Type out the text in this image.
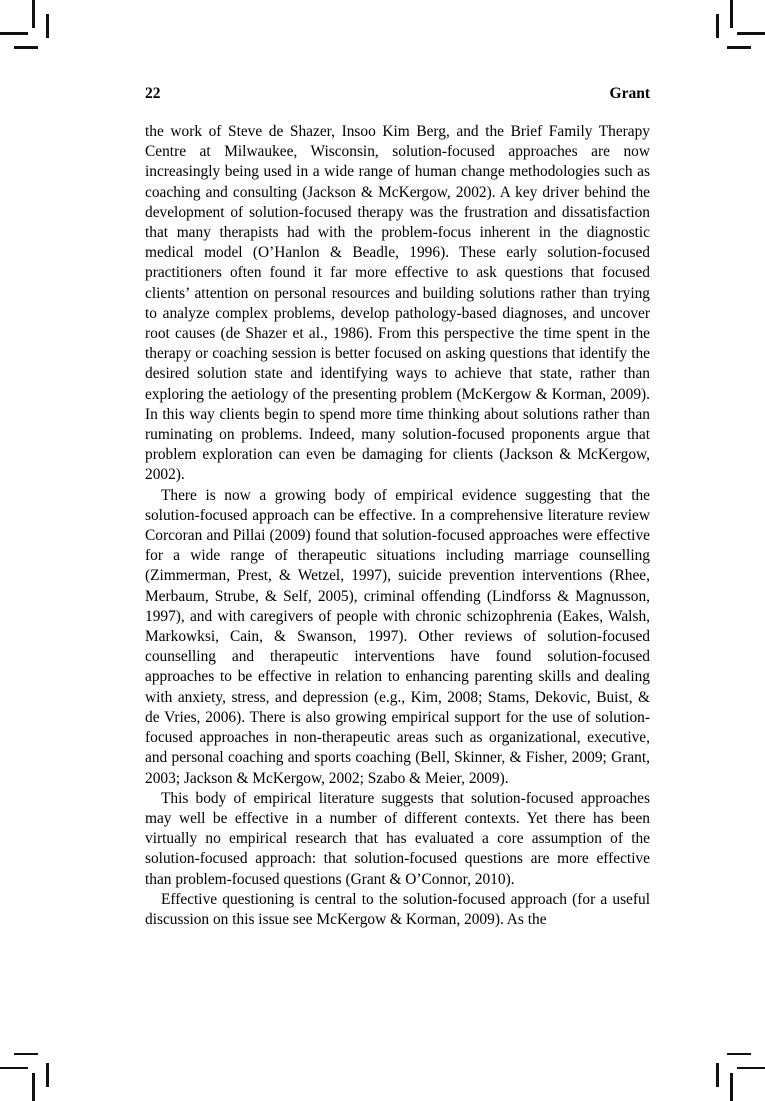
22	Grant

the work of Steve de Shazer, Insoo Kim Berg, and the Brief Family Therapy Centre at Milwaukee, Wisconsin, solution-focused approaches are now increasingly being used in a wide range of human change methodologies such as coaching and consulting (Jackson & McKergow, 2002). A key driver behind the development of solution-focused therapy was the frustration and dissatisfaction that many therapists had with the problem-focus inherent in the diagnostic medical model (O’Hanlon & Beadle, 1996). These early solution-focused practitioners often found it far more effective to ask questions that focused clients’ attention on personal resources and building solutions rather than trying to analyze complex problems, develop pathology-based diagnoses, and uncover root causes (de Shazer et al., 1986). From this perspective the time spent in the therapy or coaching session is better focused on asking questions that identify the desired solution state and identifying ways to achieve that state, rather than exploring the aetiology of the presenting problem (McKergow & Korman, 2009). In this way clients begin to spend more time thinking about solutions rather than ruminating on problems. Indeed, many solution-focused proponents argue that problem exploration can even be damaging for clients (Jackson & McKergow, 2002).

There is now a growing body of empirical evidence suggesting that the solution-focused approach can be effective. In a comprehensive literature review Corcoran and Pillai (2009) found that solution-focused approaches were effective for a wide range of therapeutic situations including marriage counselling (Zimmerman, Prest, & Wetzel, 1997), suicide prevention interventions (Rhee, Merbaum, Strube, & Self, 2005), criminal offending (Lindforss & Magnusson, 1997), and with caregivers of people with chronic schizophrenia (Eakes, Walsh, Markowksi, Cain, & Swanson, 1997). Other reviews of solution-focused counselling and therapeutic interventions have found solution-focused approaches to be effective in relation to enhancing parenting skills and dealing with anxiety, stress, and depression (e.g., Kim, 2008; Stams, Dekovic, Buist, & de Vries, 2006). There is also growing empirical support for the use of solution-focused approaches in non-therapeutic areas such as organizational, executive, and personal coaching and sports coaching (Bell, Skinner, & Fisher, 2009; Grant, 2003; Jackson & McKergow, 2002; Szabo & Meier, 2009).

This body of empirical literature suggests that solution-focused approaches may well be effective in a number of different contexts. Yet there has been virtually no empirical research that has evaluated a core assumption of the solution-focused approach: that solution-focused questions are more effective than problem-focused questions (Grant & O’Connor, 2010).

Effective questioning is central to the solution-focused approach (for a useful discussion on this issue see McKergow & Korman, 2009). As the
